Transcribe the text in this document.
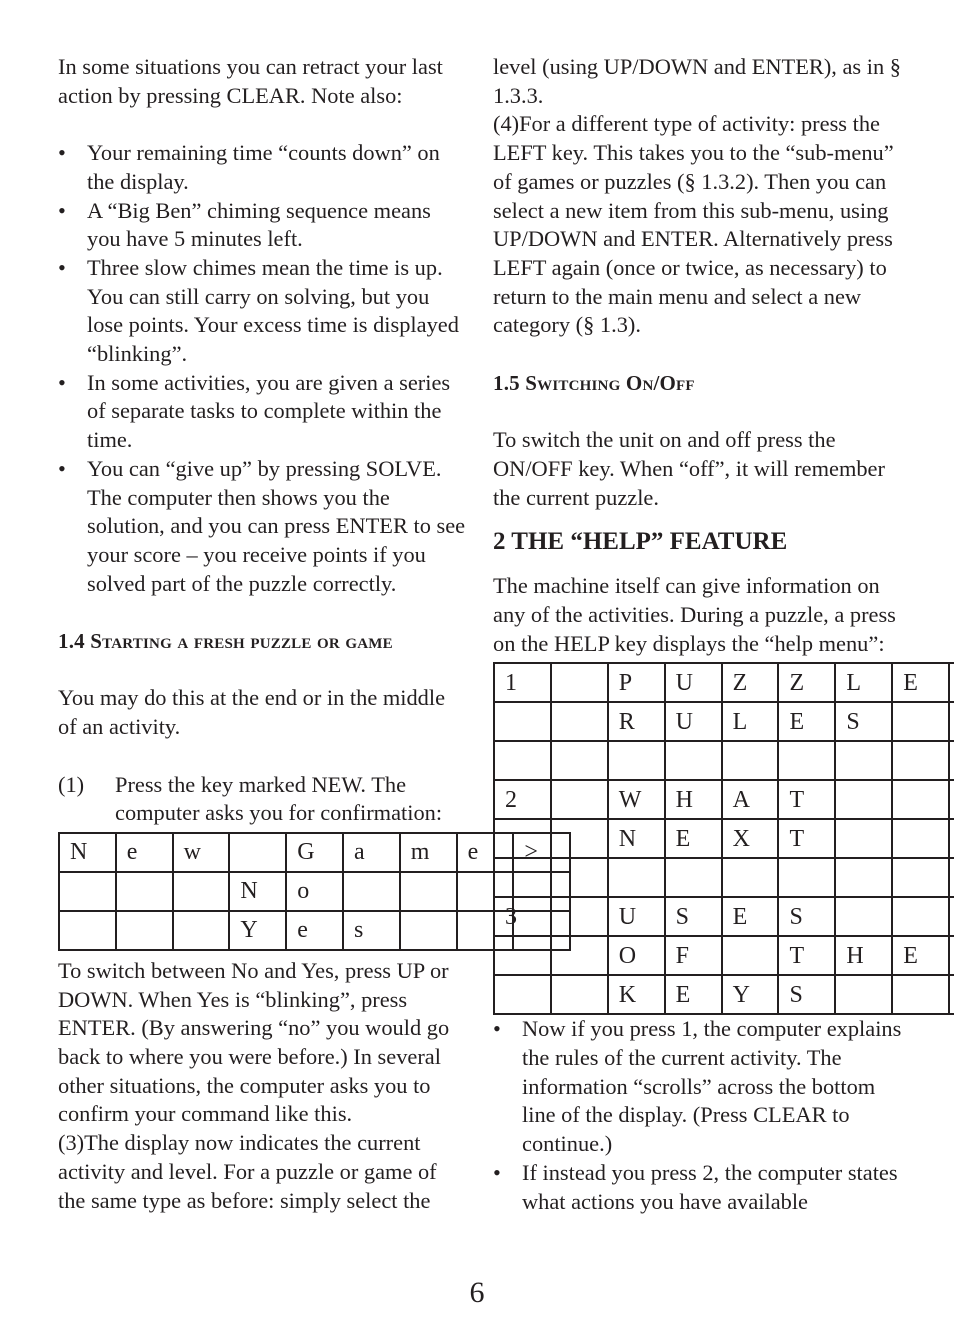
In some situations you can retract your last action by pressing CLEAR. Note also:

• Your remaining time “counts down” on the display.
• A “Big Ben” chiming sequence means you have 5 minutes left.
• Three slow chimes mean the time is up. You can still carry on solving, but you lose points. Your excess time is displayed “blinking”.
• In some activities, you are given a series of separate tasks to complete within the time.
• You can “give up” by pressing SOLVE. The computer then shows you the solution, and you can press ENTER to see your score – you receive points if you solved part of the puzzle correctly.

1.4 Starting a fresh puzzle or game

You may do this at the end or in the middle of an activity.

(1) Press the key marked NEW. The computer asks you for confirmation:
N	e	w		G	a	m	e	>
			N	o				
			Y	e	s			

To switch between No and Yes, press UP or DOWN. When Yes is “blinking”, press ENTER. (By answering “no” you would go back to where you were before.) In several other situations, the computer asks you to confirm your command like this.

(3)The display now indicates the current activity and level. For a puzzle or game of the same type as before: simply select the

level (using UP/DOWN and ENTER), as in § 1.3.3.

(4)For a different type of activity: press the LEFT key. This takes you to the “sub-menu” of games or puzzles (§ 1.3.2). Then you can select a new item from this sub-menu, using UP/DOWN and ENTER. Alternatively press LEFT again (once or twice, as necessary) to return to the main menu and select a new category (§ 1.3).

1.5 Switching On/Off

To switch the unit on and off press the ON/OFF key. When “off”, it will remember the current puzzle.

2 THE “HELP” FEATURE

The machine itself can give information on any of the activities. During a puzzle, a press on the HELP key displays the “help menu”:

1		P	U	Z	Z	L	E	
		R	U	L	E	S		

2		W	H	A	T			
		N	E	X	T			

3		U	S	E	S			
		O	F		T	H	E	
		K	E	Y	S			
• Now if you press 1, the computer explains the rules of the current activity. The information “scrolls” across the bottom line of the display. (Press CLEAR to continue.)
• If instead you press 2, the computer states what actions you have available
6
